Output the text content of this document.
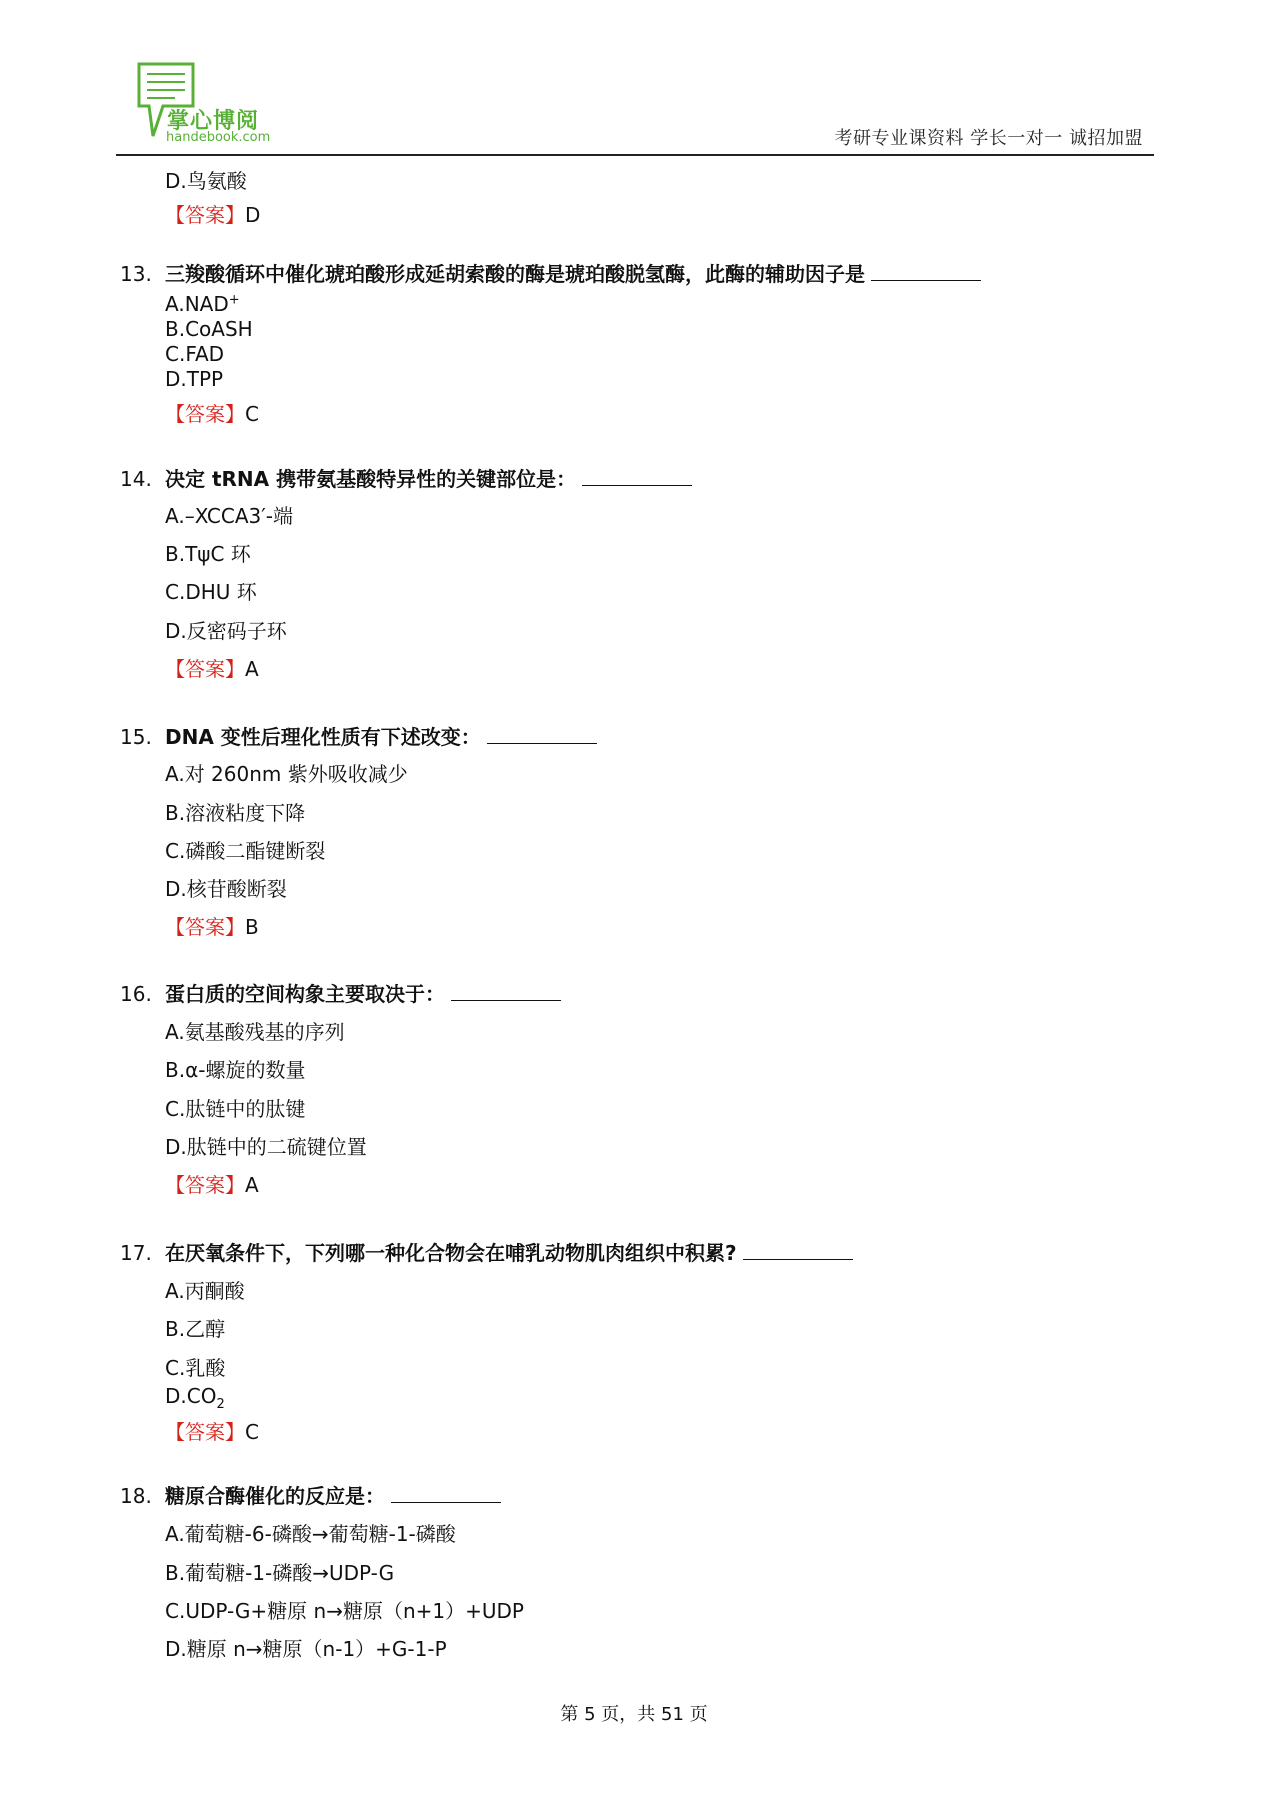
掌心博阅
handebook.com	考研专业课资料 学长一对一 诚招加盟
D.鸟氨酸
【答案】D
13. 三羧酸循环中催化琥珀酸形成延胡索酸的酶是琥珀酸脱氢酶，此酶的辅助因子是
A.NAD+
B.CoASH
C.FAD
D.TPP
【答案】C
14. 决定 tRNA 携带氨基酸特异性的关键部位是：
A.–XCCA3′-端
B.TψC 环
C.DHU 环
D.反密码子环
【答案】A
15. DNA 变性后理化性质有下述改变：
A.对 260nm 紫外吸收减少
B.溶液粘度下降
C.磷酸二酯键断裂
D.核苷酸断裂
【答案】B
16. 蛋白质的空间构象主要取决于：
A.氨基酸残基的序列
B.α-螺旋的数量
C.肽链中的肽键
D.肽链中的二硫键位置
【答案】A
17. 在厌氧条件下，下列哪一种化合物会在哺乳动物肌肉组织中积累?
A.丙酮酸
B.乙醇
C.乳酸
$D.CO_2$
【答案】C
18. 糖原合酶催化的反应是：
A.葡萄糖-6-磷酸→葡萄糖-1-磷酸
B.葡萄糖-1-磷酸→UDP-G
C.UDP-G+糖原 n→糖原（n+1）+UDP
D.糖原 n→糖原（n-1）+G-1-P
第 5 页，共 51 页
